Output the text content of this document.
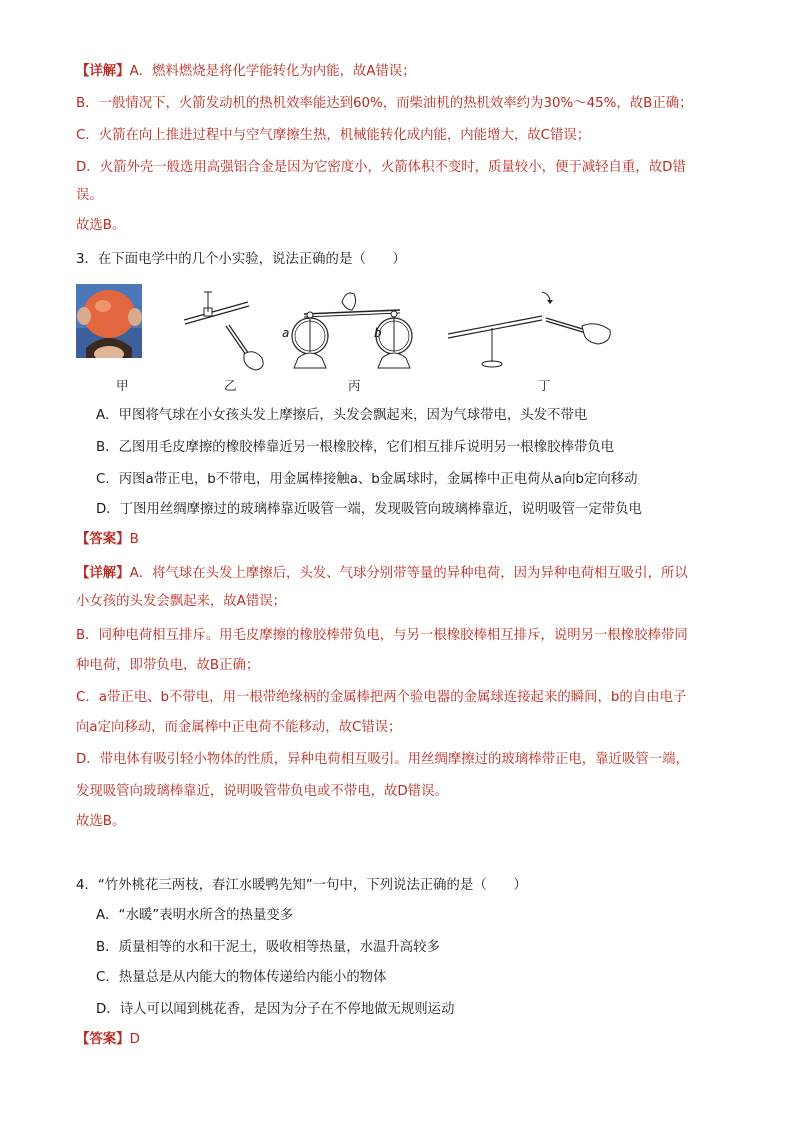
【详解】A．燃料燃烧是将化学能转化为内能，故A错误；
B．一般情况下，火箭发动机的热机效率能达到60%，而柴油机的热机效率约为30%～45%，故B正确；
C．火箭在向上推进过程中与空气摩擦生热，机械能转化成内能，内能增大，故C错误；
D．火箭外壳一般选用高强铝合金是因为它密度小，火箭体积不变时，质量较小，便于减轻自重，故D错
误。
故选B。
3．在下面电学中的几个小实验，说法正确的是（　　）
a	b
甲	乙	丙	丁
A．甲图将气球在小女孩头发上摩擦后，头发会飘起来，因为气球带电，头发不带电
B．乙图用毛皮摩擦的橡胶棒靠近另一根橡胶棒，它们相互排斥说明另一根橡胶棒带负电
C．丙图a带正电，b不带电，用金属棒接触a、b金属球时，金属棒中正电荷从a向b定向移动
D．丁图用丝绸摩擦过的玻璃棒靠近吸管一端，发现吸管向玻璃棒靠近，说明吸管一定带负电
【答案】B
【详解】A．将气球在头发上摩擦后，头发、气球分别带等量的异种电荷，因为异种电荷相互吸引，所以
小女孩的头发会飘起来，故A错误；
B．同种电荷相互排斥。用毛皮摩擦的橡胶棒带负电，与另一根橡胶棒相互排斥，说明另一根橡胶棒带同
种电荷，即带负电，故B正确；
C．a带正电、b不带电，用一根带绝缘柄的金属棒把两个验电器的金属球连接起来的瞬间，b的自由电子
向a定向移动，而金属棒中正电荷不能移动，故C错误；
D．带电体有吸引轻小物体的性质，异种电荷相互吸引。用丝绸摩擦过的玻璃棒带正电，靠近吸管一端，
发现吸管向玻璃棒靠近，说明吸管带负电或不带电，故D错误。
故选B。
4．“竹外桃花三两枝，春江水暖鸭先知”一句中，下列说法正确的是（　　）
A．“水暖”表明水所含的热量变多
B．质量相等的水和干泥土，吸收相等热量，水温升高较多
C．热量总是从内能大的物体传递给内能小的物体
D．诗人可以闻到桃花香，是因为分子在不停地做无规则运动
【答案】D
